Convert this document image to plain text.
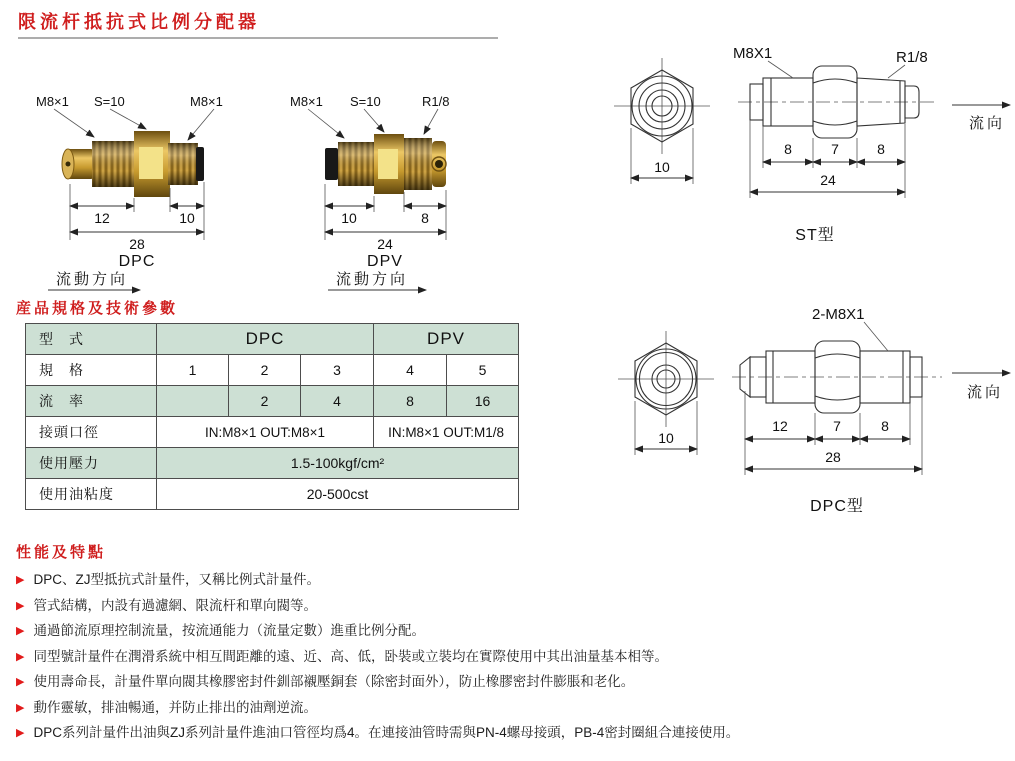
限流杆抵抗式比例分配器
M8×1 S=10	M8×1
12	10
28
DPC
流動方向
M8×1 S=10	R1/8
10	8
24
DPV
流動方向
10
M8X1	R1/8
8	7	8
24
ST型
流向
10
2-M8X1
12	7	8
28
DPC型
流向
産品規格及技術參數
型　式	DPC			DPV	
規　格	1	2	3	4	5
流　率		2	4	8	16
接頭口徑	IN:M8×1 OUT:M8×1			IN:M8×1 OUT:M1/8	
使用壓力	1.5-100kgf/cm²				
使用油粘度	20-500cst				
性能及特點
▶ DPC、ZJ型抵抗式計量件，又稱比例式計量件。
▶ 管式結構，内設有過濾網、限流杆和單向閥等。
▶ 通過節流原理控制流量，按流通能力（流量定數）進重比例分配。
▶ 同型號計量件在潤滑系統中相互間距離的遠、近、高、低，卧裝或立裝均在實際使用中其出油量基本相等。
▶ 使用壽命長，計量件單向閥其橡膠密封件釧部襯壓銅套（除密封面外），防止橡膠密封件膨脹和老化。
▶ 動作靈敏，排油暢通，并防止排出的油劑逆流。
▶ DPC系列計量件出油與ZJ系列計量件進油口管徑均爲4。在連接油管時需與PN-4螺母接頭，PB-4密封圈組合連接使用。
